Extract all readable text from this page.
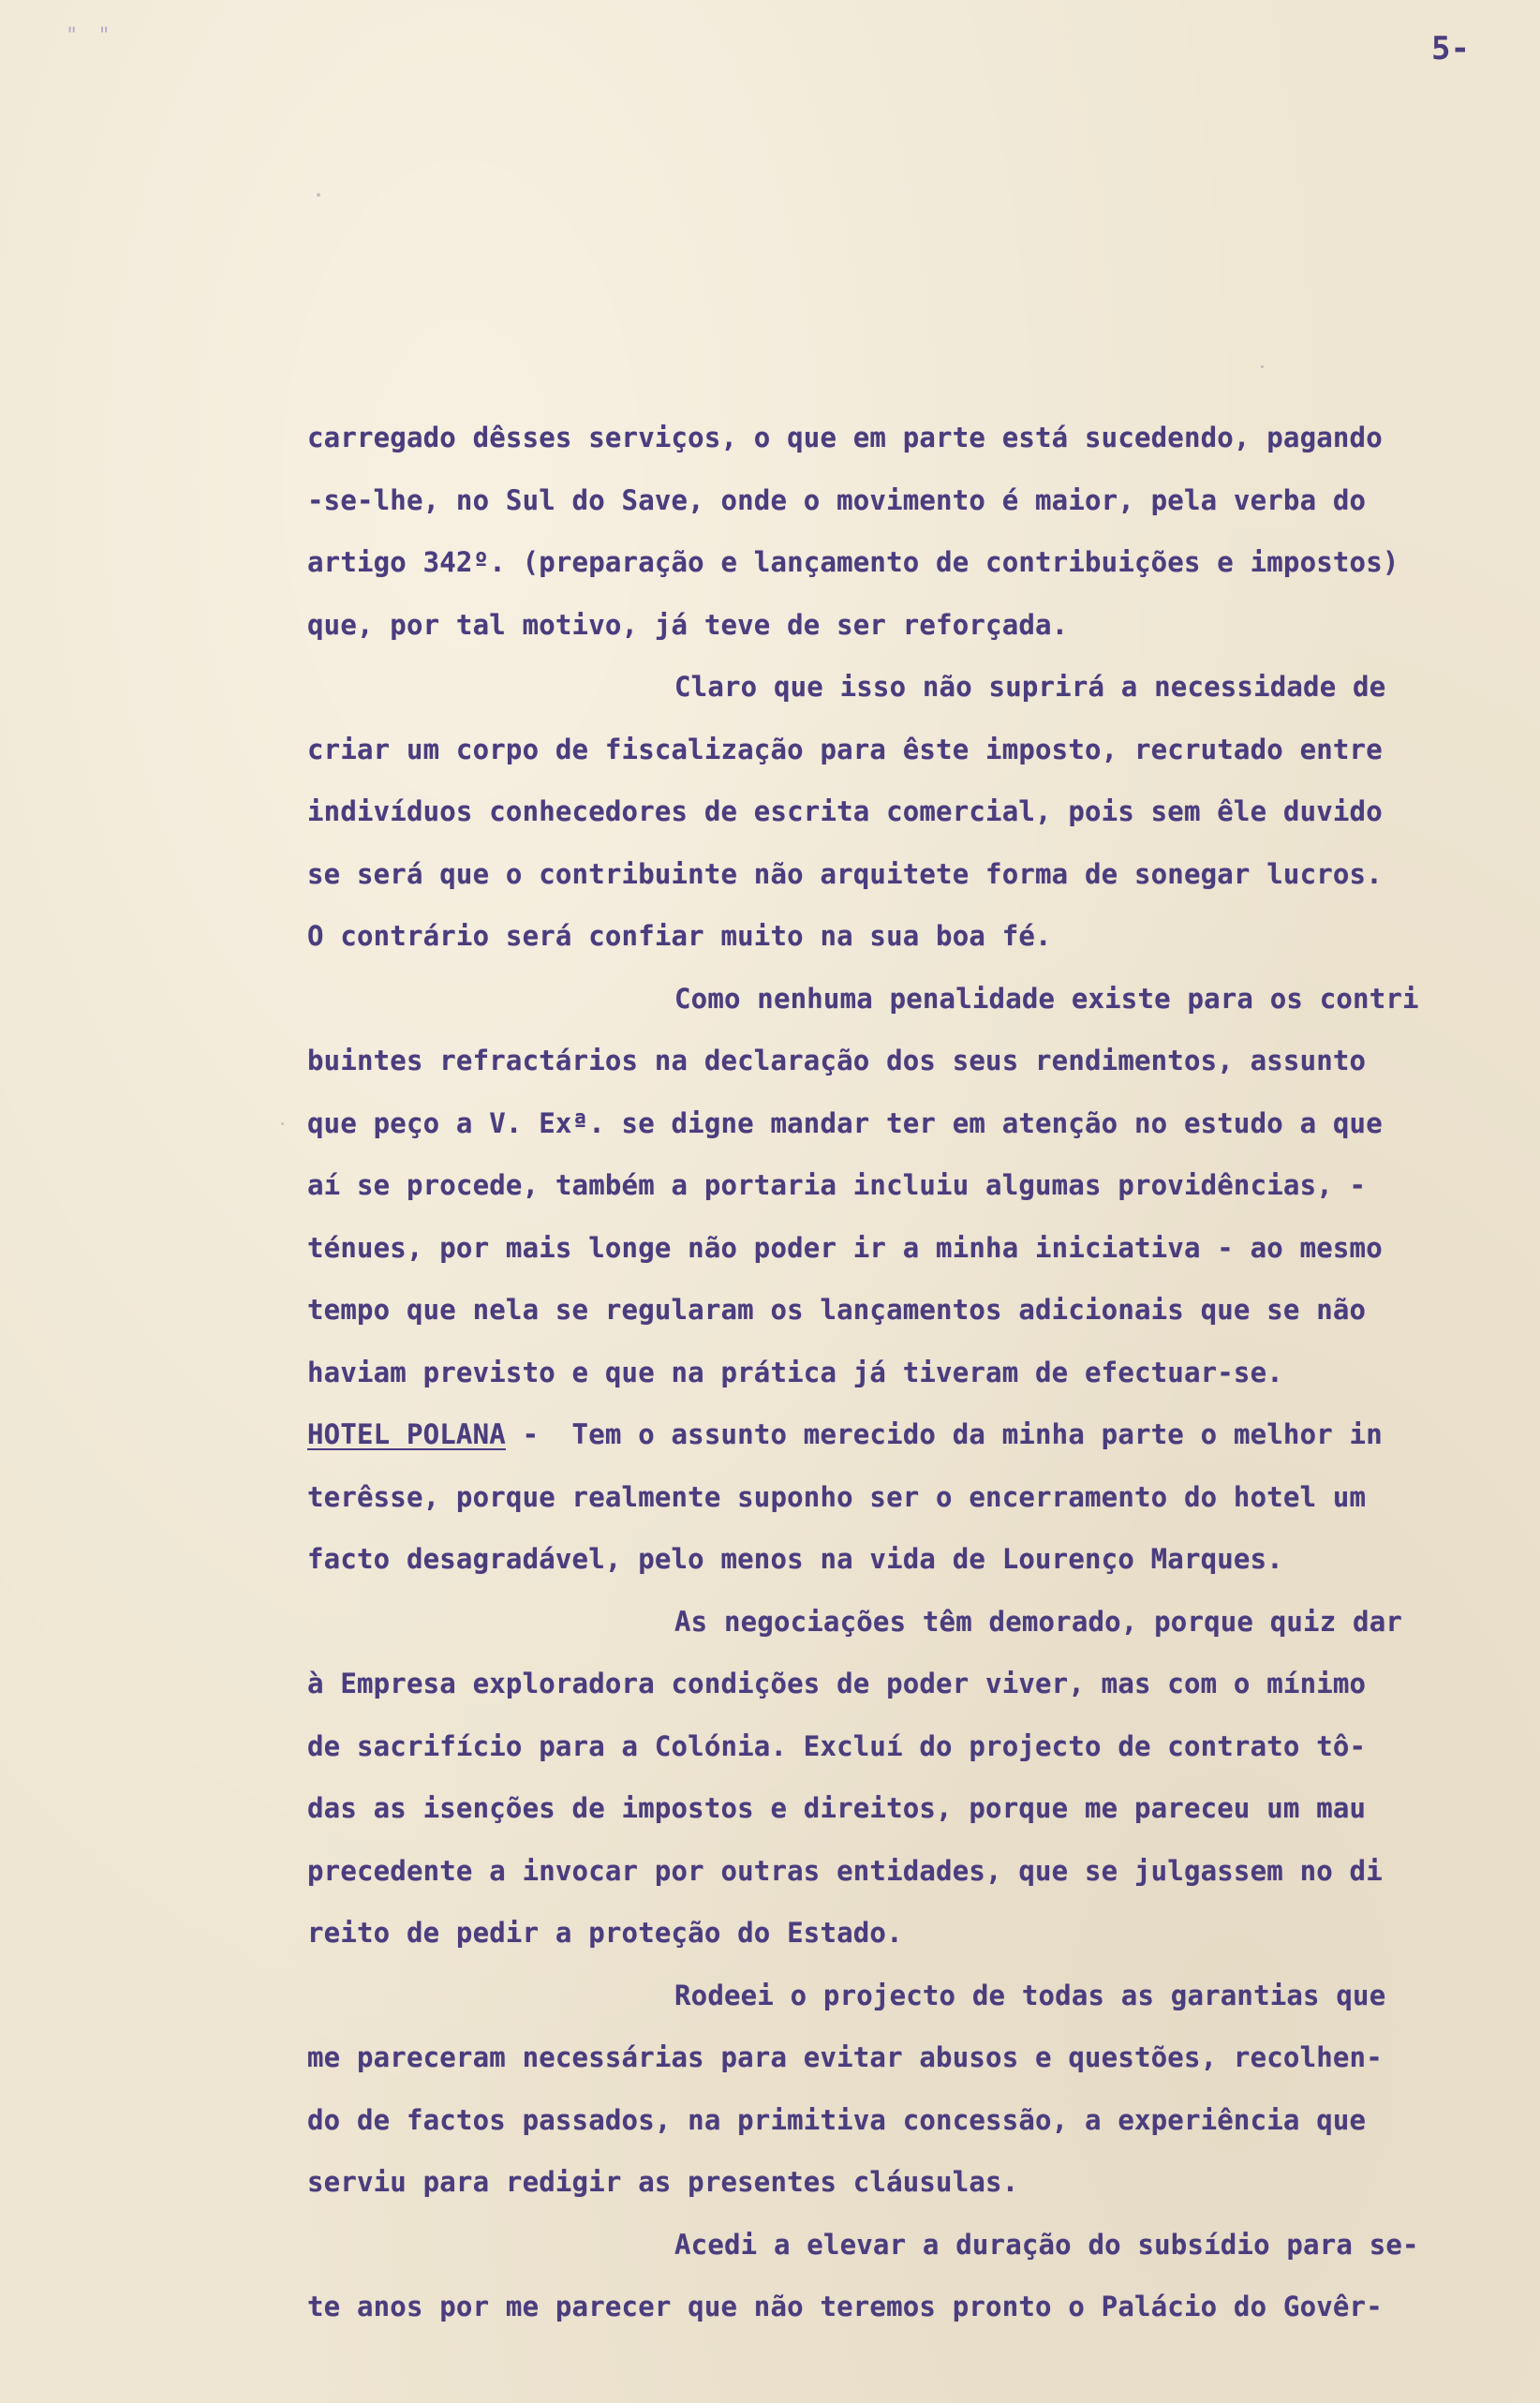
" "	5-
carregado dêsses serviços, o que em parte está sucedendo, pagando
-se-lhe, no Sul do Save, onde o movimento é maior, pela verba do
artigo 342º. (preparação e lançamento de contribuições e impostos)
que, por tal motivo, já teve de ser reforçada.
Claro que isso não suprirá a necessidade de
criar um corpo de fiscalização para êste imposto, recrutado entre
indivíduos conhecedores de escrita comercial, pois sem êle duvido
se será que o contribuinte não arquitete forma de sonegar lucros.
O contrário será confiar muito na sua boa fé.
Como nenhuma penalidade existe para os contri
buintes refractários na declaração dos seus rendimentos, assunto
que peço a V. Exª. se digne mandar ter em atenção no estudo a que
aí se procede, também a portaria incluiu algumas providências, -
ténues, por mais longe não poder ir a minha iniciativa - ao mesmo
tempo que nela se regularam os lançamentos adicionais que se não
haviam previsto e que na prática já tiveram de efectuar-se.
HOTEL POLANA -  Tem o assunto merecido da minha parte o melhor in
terêsse, porque realmente suponho ser o encerramento do hotel um
facto desagradável, pelo menos na vida de Lourenço Marques.
As negociações têm demorado, porque quiz dar
à Empresa exploradora condições de poder viver, mas com o mínimo
de sacrifício para a Colónia. Excluí do projecto de contrato tô-
das as isenções de impostos e direitos, porque me pareceu um mau
precedente a invocar por outras entidades, que se julgassem no di
reito de pedir a proteção do Estado.
Rodeei o projecto de todas as garantias que
me pareceram necessárias para evitar abusos e questões, recolhen-
do de factos passados, na primitiva concessão, a experiência que
serviu para redigir as presentes cláusulas.
Acedi a elevar a duração do subsídio para se-
te anos por me parecer que não teremos pronto o Palácio do Govêr-
